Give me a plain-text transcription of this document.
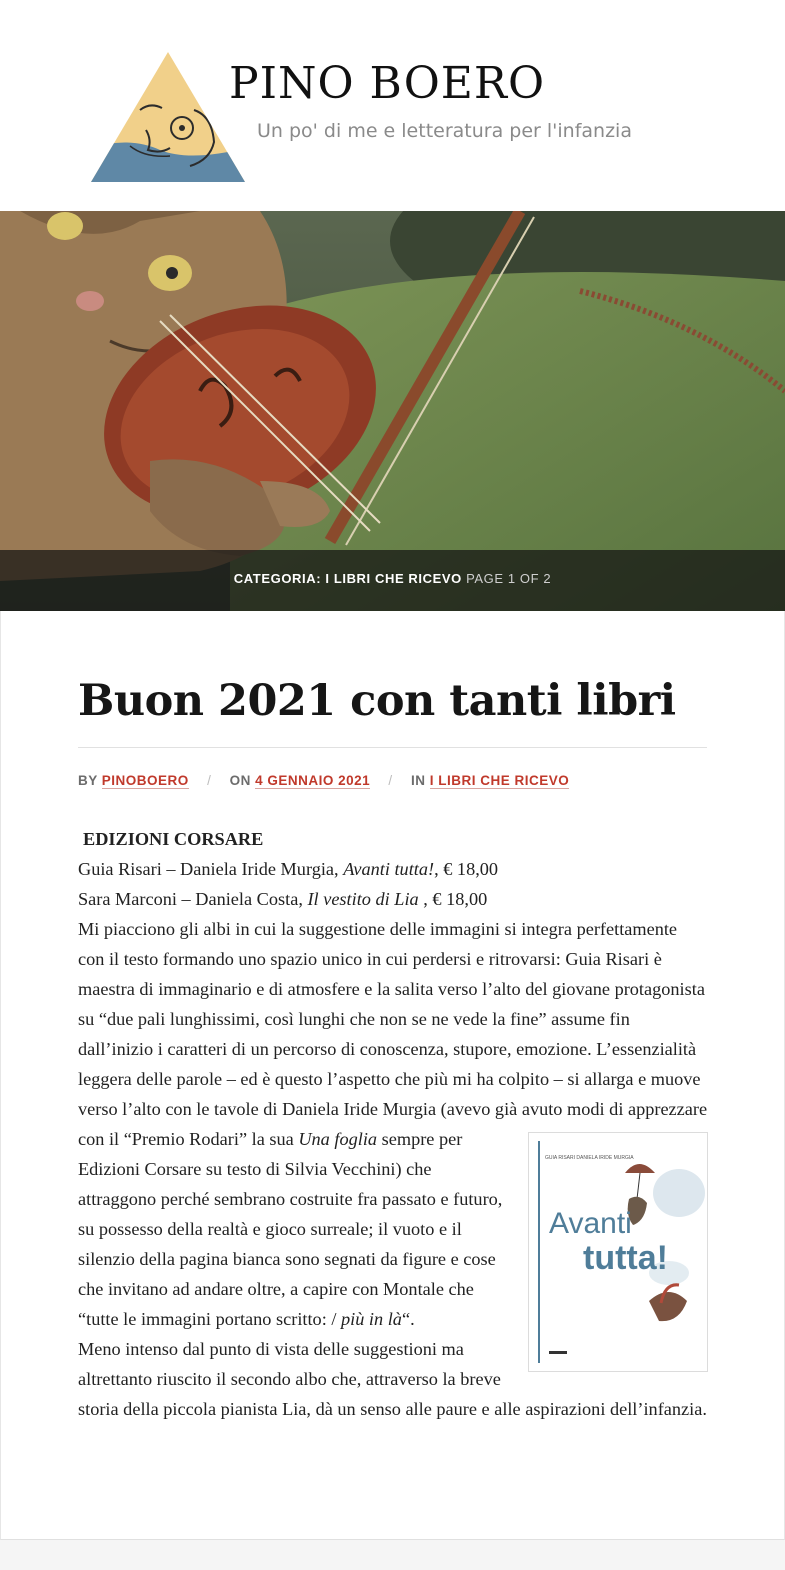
PINO BOERO

Un po' di me e letteratura per l'infanzia

CATEGORIA: I LIBRI CHE RICEVO PAGE 1 OF 2
Buon 2021 con tanti libri
BY PINOBOERO / ON 4 GENNAIO 2021 / IN I LIBRI CHE RICEVO

EDIZIONI CORSARE

Guia Risari – Daniela Iride Murgia, Avanti tutta!, € 18,00

Sara Marconi – Daniela Costa, Il vestito di Lia , € 18,00

Mi piacciono gli albi in cui la suggestione delle immagini si integra perfettamente con il testo formando uno spazio unico in cui perdersi e ritrovarsi: Guia Risari è maestra di immaginario e di atmosfere e la salita verso l’alto del giovane protagonista su “due pali lunghissimi, così lunghi che non se ne vede la fine” assume fin dall’inizio i caratteri di un percorso di conoscenza, stupore, emozione. L’essenzialità leggera delle parole – ed è questo l’aspetto che più mi ha colpito – si allarga e muove verso l’alto con le tavole di Daniela Iride Murgia (avevo già avuto modi di apprezzare con il “Premio Rodari” la sua
GUIA RISARI DANIELA IRIDE MURGIA
Avanti
tutta!
Una foglia sempre per Edizioni Corsare su testo di Silvia Vecchini) che attraggono perché sembrano costruite fra passato e futuro, su possesso della realtà e gioco surreale; il vuoto e il silenzio della pagina bianca sono segnati da figure e cose che invitano ad andare oltre, a capire con Montale che “tutte le immagini portano scritto: / più in là“.

Meno intenso dal punto di vista delle suggestioni ma altrettanto riuscito il secondo albo che, attraverso la breve storia della piccola pianista Lia, dà un senso alle paure e alle aspirazioni dell’infanzia.
